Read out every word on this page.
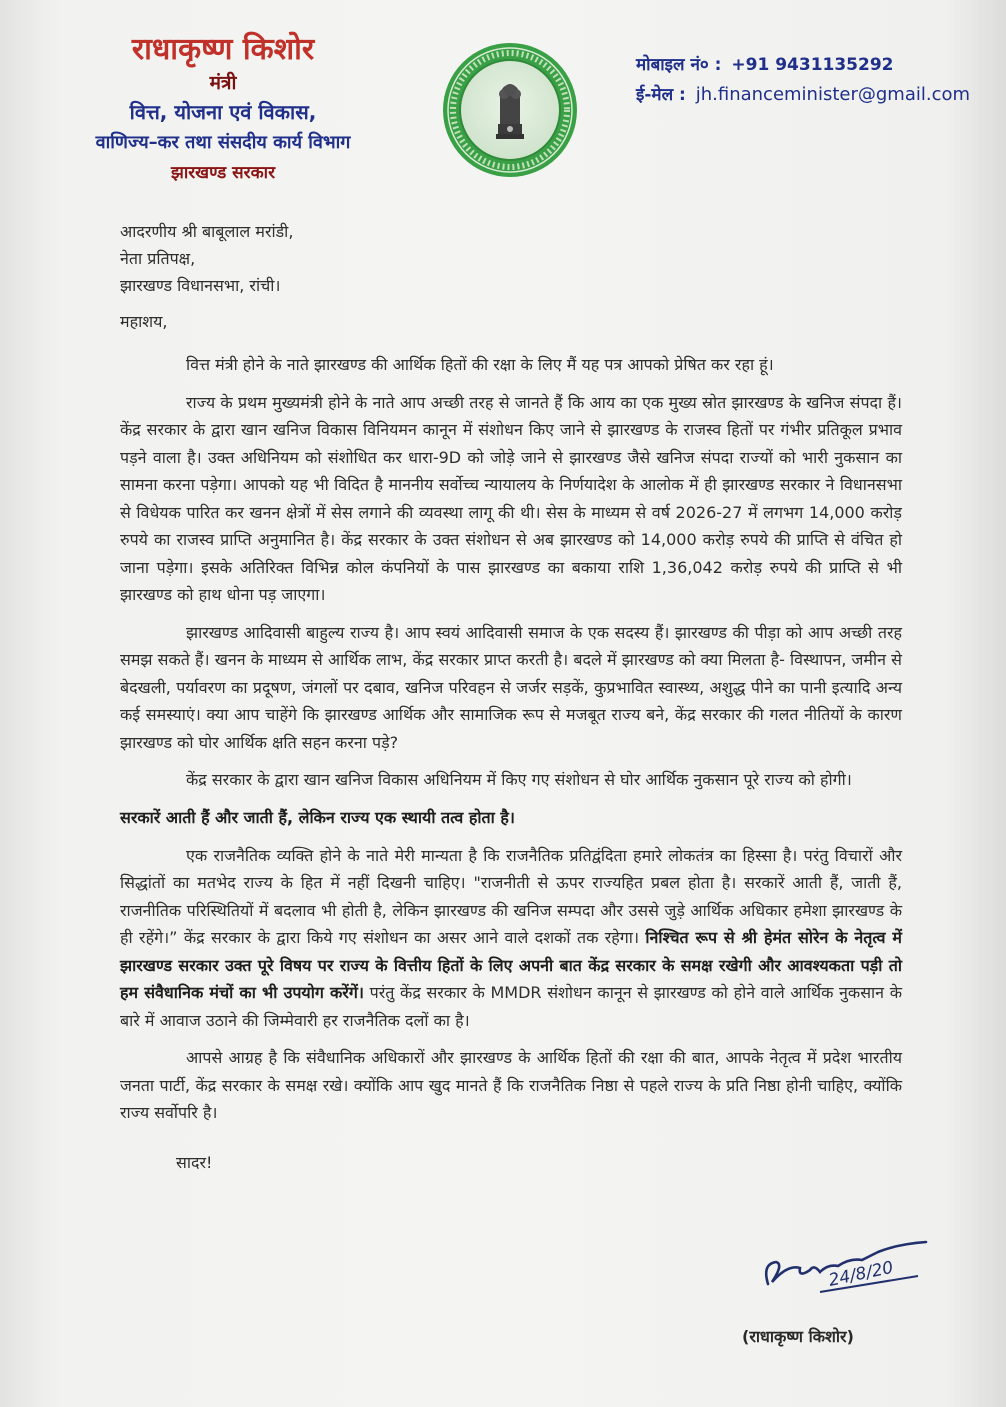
राधाकृष्ण किशोर

मंत्री

वित्त, योजना एवं विकास,

वाणिज्य–कर तथा संसदीय कार्य विभाग

झारखण्ड सरकार

मोबाइल नं० : +91 9431135292
ई-मेल : jh.financeminister@gmail.com

आदरणीय श्री बाबूलाल मरांडी,

नेता प्रतिपक्ष,

झारखण्ड विधानसभा, रांची।

महाशय,

वित्त मंत्री होने के नाते झारखण्ड की आर्थिक हितों की रक्षा के लिए मैं यह पत्र आपको प्रेषित कर रहा हूं।

राज्य के प्रथम मुख्यमंत्री होने के नाते आप अच्छी तरह से जानते हैं कि आय का एक मुख्य स्रोत झारखण्ड के खनिज संपदा हैं। केंद्र सरकार के द्वारा खान खनिज विकास विनियमन कानून में संशोधन किए जाने से झारखण्ड के राजस्व हितों पर गंभीर प्रतिकूल प्रभाव पड़ने वाला है। उक्त अधिनियम को संशोधित कर धारा-9D को जोड़े जाने से झारखण्ड जैसे खनिज संपदा राज्यों को भारी नुकसान का सामना करना पड़ेगा। आपको यह भी विदित है माननीय सर्वोच्च न्यायालय के निर्णयादेश के आलोक में ही झारखण्ड सरकार ने विधानसभा से विधेयक पारित कर खनन क्षेत्रों में सेस लगाने की व्यवस्था लागू की थी। सेस के माध्यम से वर्ष 2026-27 में लगभग 14,000 करोड़ रुपये का राजस्व प्राप्ति अनुमानित है। केंद्र सरकार के उक्त संशोधन से अब झारखण्ड को 14,000 करोड़ रुपये की प्राप्ति से वंचित हो जाना पड़ेगा। इसके अतिरिक्त विभिन्न कोल कंपनियों के पास झारखण्ड का बकाया राशि 1,36,042 करोड़ रुपये की प्राप्ति से भी झारखण्ड को हाथ धोना पड़ जाएगा।

झारखण्ड आदिवासी बाहुल्य राज्य है। आप स्वयं आदिवासी समाज के एक सदस्य हैं। झारखण्ड की पीड़ा को आप अच्छी तरह समझ सकते हैं। खनन के माध्यम से आर्थिक लाभ, केंद्र सरकार प्राप्त करती है। बदले में झारखण्ड को क्या मिलता है- विस्थापन, जमीन से बेदखली, पर्यावरण का प्रदूषण, जंगलों पर दबाव, खनिज परिवहन से जर्जर सड़कें, कुप्रभावित स्वास्थ्य, अशुद्ध पीने का पानी इत्यादि अन्य कई समस्याएं। क्या आप चाहेंगे कि झारखण्ड आर्थिक और सामाजिक रूप से मजबूत राज्य बने, केंद्र सरकार की गलत नीतियों के कारण झारखण्ड को घोर आर्थिक क्षति सहन करना पड़े?

केंद्र सरकार के द्वारा खान खनिज विकास अधिनियम में किए गए संशोधन से घोर आर्थिक नुकसान पूरे राज्य को होगी।

सरकारें आती हैं और जाती हैं, लेकिन राज्य एक स्थायी तत्व होता है।

एक राजनैतिक व्यक्ति होने के नाते मेरी मान्यता है कि राजनैतिक प्रतिद्वंदिता हमारे लोकतंत्र का हिस्सा है। परंतु विचारों और सिद्धांतों का मतभेद राज्य के हित में नहीं दिखनी चाहिए। "राजनीती से ऊपर राज्यहित प्रबल होता है। सरकारें आती हैं, जाती हैं, राजनीतिक परिस्थितियों में बदलाव भी होती है, लेकिन झारखण्ड की खनिज सम्पदा और उससे जुड़े आर्थिक अधिकार हमेशा झारखण्ड के ही रहेंगे।” केंद्र सरकार के द्वारा किये गए संशोधन का असर आने वाले दशकों तक रहेगा। निश्चित रूप से श्री हेमंत सोरेन के नेतृत्व में झारखण्ड सरकार उक्त पूरे विषय पर राज्य के वित्तीय हितों के लिए अपनी बात केंद्र सरकार के समक्ष रखेगी और आवश्यकता पड़ी तो हम संवैधानिक मंचों का भी उपयोग करेंगें। परंतु केंद्र सरकार के MMDR संशोधन कानून से झारखण्ड को होने वाले आर्थिक नुकसान के बारे में आवाज उठाने की जिम्मेवारी हर राजनैतिक दलों का है।

आपसे आग्रह है कि संवैधानिक अधिकारों और झारखण्ड के आर्थिक हितों की रक्षा की बात, आपके नेतृत्व में प्रदेश भारतीय जनता पार्टी, केंद्र सरकार के समक्ष रखे। क्योंकि आप खुद मानते हैं कि राजनैतिक निष्ठा से पहले राज्य के प्रति निष्ठा होनी चाहिए, क्योंकि राज्य सर्वोपरि है।

सादर!

24/8/20
(राधाकृष्ण किशोर)
